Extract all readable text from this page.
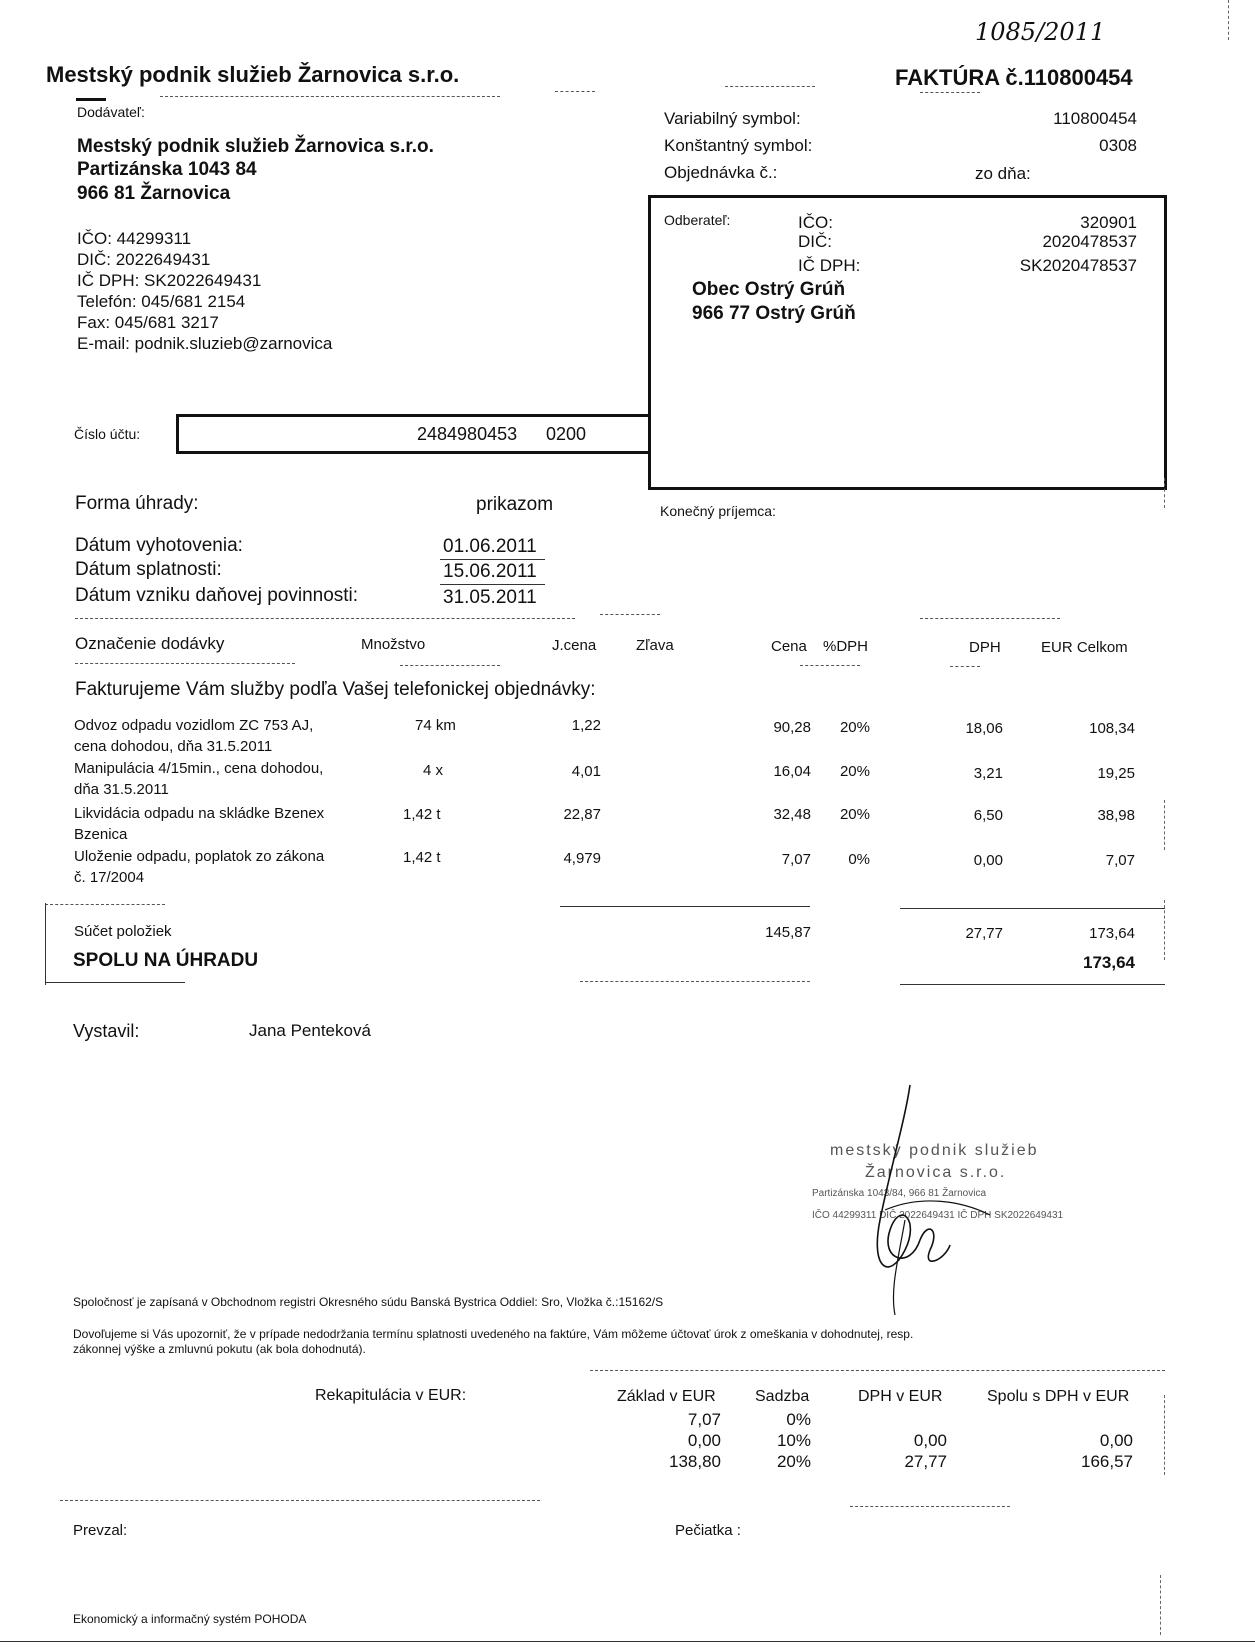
1085/2011
Mestský podnik služieb Žarnovica s.r.o.	FAKTÚRA č.110800454
Dodávateľ:
Mestský podnik služieb Žarnovica s.r.o.
Partizánska 1043 84
966 81 Žarnovica
IČO: 44299311
DIČ: 2022649431
IČ DPH: SK2022649431
Telefón: 045/681 2154
Fax: 045/681 3217
E-mail: podnik.sluzieb@zarnovica
Variabilný symbol:	110800454
Konštantný symbol:	0308
Objednávka č.:	zo dňa:
Odberateľ:	IČO:	320901
DIČ:	2020478537
IČ DPH:	SK2020478537
Obec Ostrý Grúň
966 77 Ostrý Grúň
Číslo účtu:	2484980453 0200
Forma úhrady:	prikazom	Konečný príjemca:
Dátum vyhotovenia:	01.06.2011
Dátum splatnosti:	15.06.2011
Dátum vzniku daňovej povinnosti:	31.05.2011
Označenie dodávky	Množstvo	J.cena	Zľava	Cena %DPH	DPH	EUR Celkom
Fakturujeme Vám služby podľa Vašej telefonickej objednávky:
Odvoz odpadu vozidlom ZC 753 AJ,
cena dohodou, dňa 31.5.2011
74 km	1,22	90,28 20%	18,06	108,34
Manipulácia 4/15min., cena dohodou,
dňa 31.5.2011
4 x	4,01	16,04 20%	3,21	19,25
Likvidácia odpadu na skládke Bzenex
Bzenica
1,42 t	22,87	32,48 20%	6,50	38,98
Uloženie odpadu, poplatok zo zákona
č. 17/2004
1,42 t	4,979	7,07 0%	0,00	7,07
Súčet položiek	145,87	27,77	173,64
SPOLU NA ÚHRADU	173,64
Vystavil:	Jana Penteková
mestský podnik služieb
Žarnovica s.r.o.
Partizánska 1043/84, 966 81 Žarnovica
IČO 44299311 DIČ 2022649431 IČ DPH SK2022649431
Spoločnosť je zapísaná v Obchodnom registri Okresného súdu Banská Bystrica Oddiel: Sro, Vložka č.:15162/S
Dovoľujeme si Vás upozorniť, že v prípade nedodržania termínu splatnosti uvedeného na faktúre, Vám môžeme účtovať úrok z omeškania v dohodnutej, resp.
zákonnej výške a zmluvnú pokutu (ak bola dohodnutá).
Rekapitulácia v EUR:	Základ v EUR Sadzba	DPH v EUR	Spolu s DPH v EUR
7,07	0%
0,00	10%	0,00	0,00
138,80	20%	27,77	166,57
Prevzal:	Pečiatka :
Ekonomický a informačný systém POHODA
